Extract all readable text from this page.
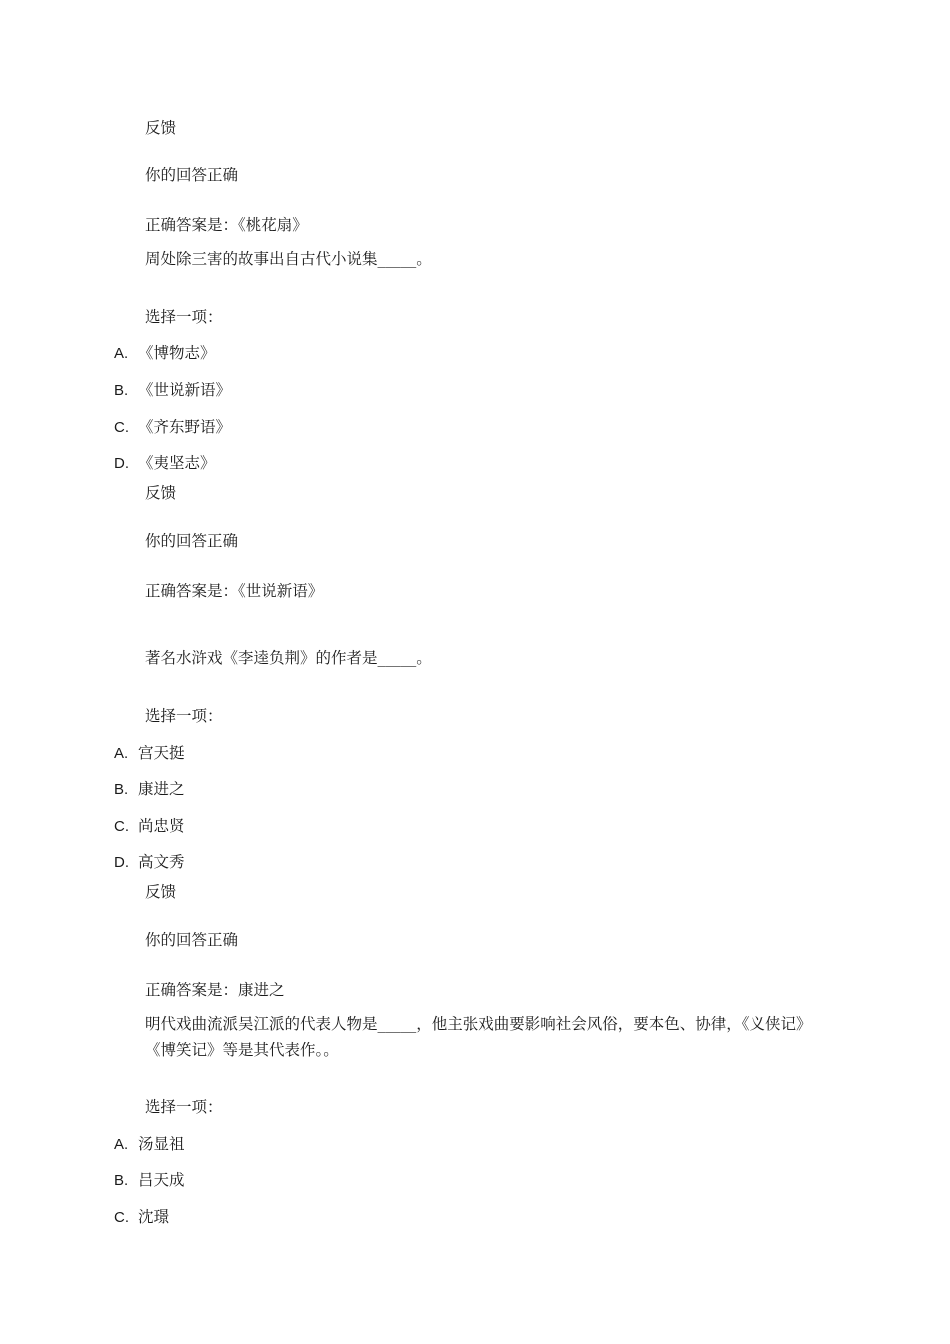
反馈
你的回答正确
正确答案是：《桃花扇》
周处除三害的故事出自古代小说集_____。
选择一项：
A. 《博物志》
B. 《世说新语》
C. 《齐东野语》
D. 《夷坚志》
反馈
你的回答正确
正确答案是：《世说新语》
著名水浒戏《李逵负荆》的作者是_____。
选择一项：
A. 宫天挺
B. 康进之
C. 尚忠贤
D. 高文秀
反馈
你的回答正确
正确答案是：康进之
明代戏曲流派吴江派的代表人物是_____，他主张戏曲要影响社会风俗，要本色、协律，《义侠记》《博笑记》等是其代表作。。
选择一项：
A. 汤显祖
B. 吕天成
C. 沈璟
